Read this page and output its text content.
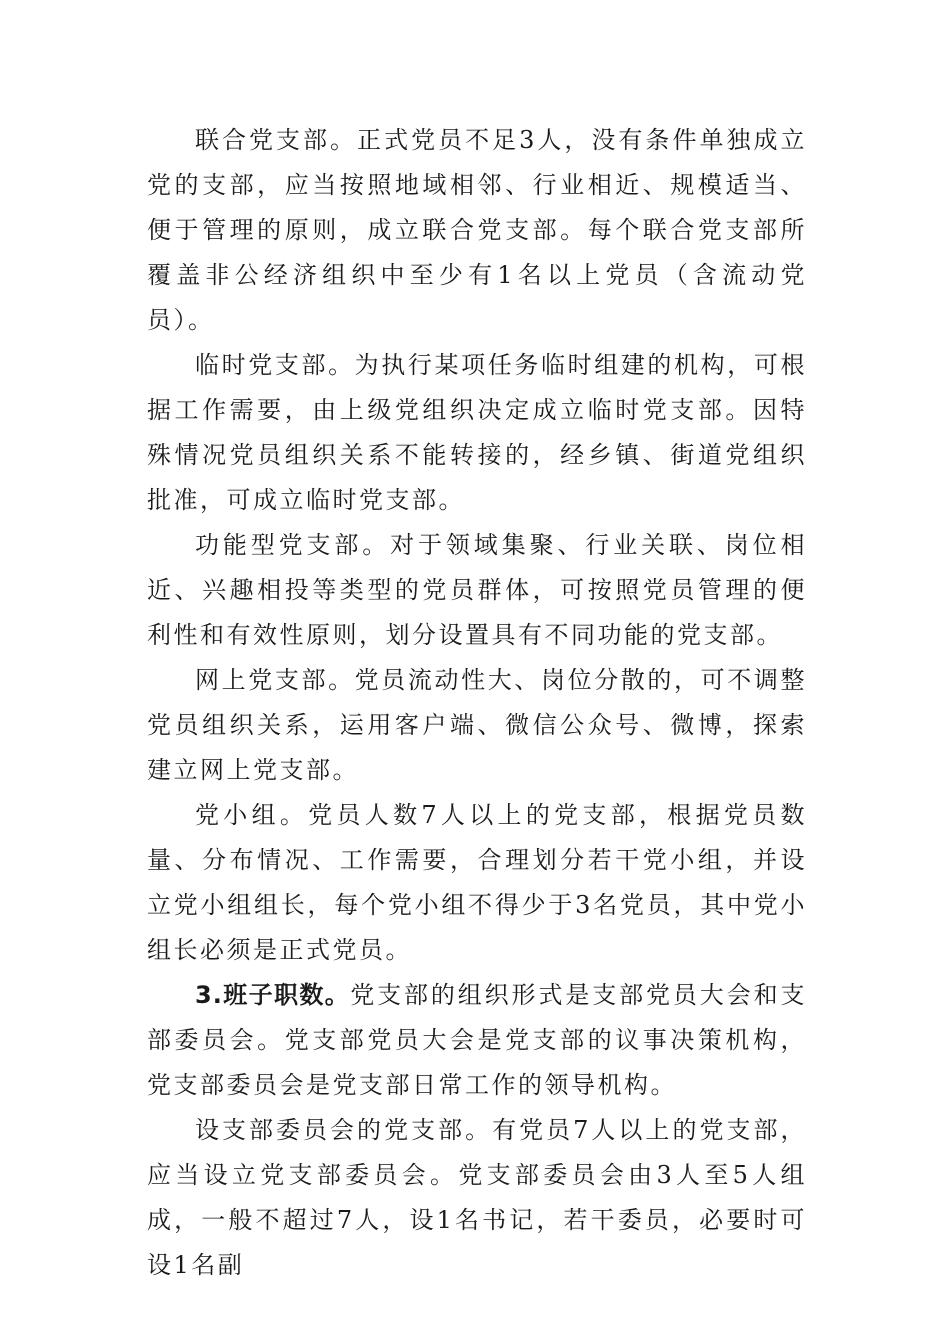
联合党支部。正式党员不足3人，没有条件单独成立党的支部，应当按照地域相邻、行业相近、规模适当、便于管理的原则，成立联合党支部。每个联合党支部所覆盖非公经济组织中至少有1名以上党员（含流动党员）。

临时党支部。为执行某项任务临时组建的机构，可根据工作需要，由上级党组织决定成立临时党支部。因特殊情况党员组织关系不能转接的，经乡镇、街道党组织批准，可成立临时党支部。

功能型党支部。对于领域集聚、行业关联、岗位相近、兴趣相投等类型的党员群体，可按照党员管理的便利性和有效性原则，划分设置具有不同功能的党支部。

网上党支部。党员流动性大、岗位分散的，可不调整党员组织关系，运用客户端、微信公众号、微博，探索建立网上党支部。

党小组。党员人数7人以上的党支部，根据党员数量、分布情况、工作需要，合理划分若干党小组，并设立党小组组长，每个党小组不得少于3名党员，其中党小组长必须是正式党员。

3.班子职数。党支部的组织形式是支部党员大会和支部委员会。党支部党员大会是党支部的议事决策机构，党支部委员会是党支部日常工作的领导机构。

设支部委员会的党支部。有党员7人以上的党支部，应当设立党支部委员会。党支部委员会由3人至5人组成，一般不超过7人，设1名书记，若干委员，必要时可设1名副
